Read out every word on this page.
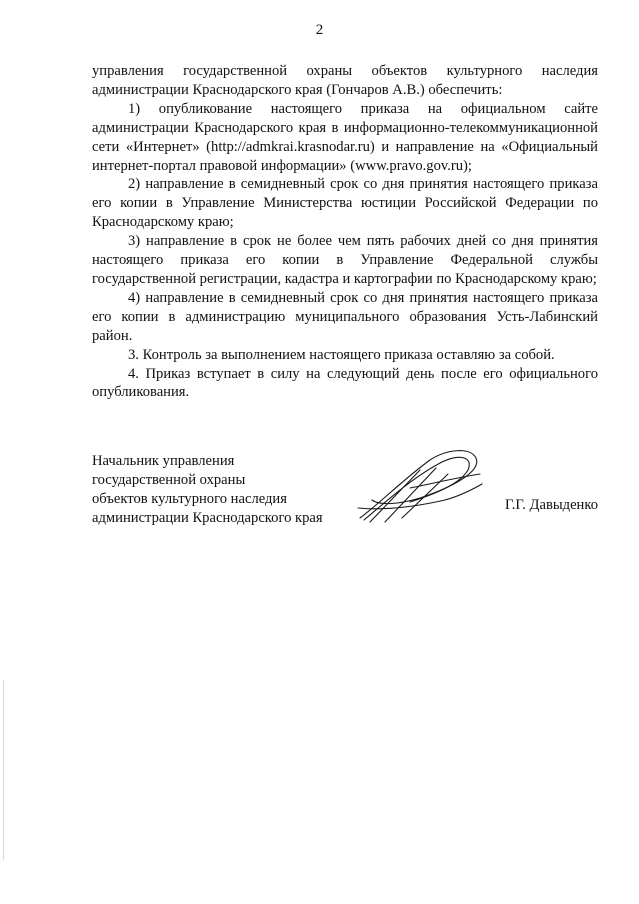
2

управления государственной охраны объектов культурного наследия администрации Краснодарского края (Гончаров А.В.) обеспечить:

1) опубликование настоящего приказа на официальном сайте администрации Краснодарского края в информационно-телекоммуникационной сети «Интернет» (http://admkrai.krasnodar.ru) и направление на «Официальный интернет-портал правовой информации» (www.pravo.gov.ru);

2) направление в семидневный срок со дня принятия настоящего приказа его копии в Управление Министерства юстиции Российской Федерации по Краснодарскому краю;

3) направление в срок не более чем пять рабочих дней со дня принятия настоящего приказа его копии в Управление Федеральной службы государственной регистрации, кадастра и картографии по Краснодарскому краю;

4) направление в семидневный срок со дня принятия настоящего приказа его копии в администрацию муниципального образования Усть-Лабинский район.

3. Контроль за выполнением настоящего приказа оставляю за собой.

4. Приказ вступает в силу на следующий день после его официального опубликования.

Начальник управления
государственной охраны
объектов культурного наследия
администрации Краснодарского края
Г.Г. Давыденко
